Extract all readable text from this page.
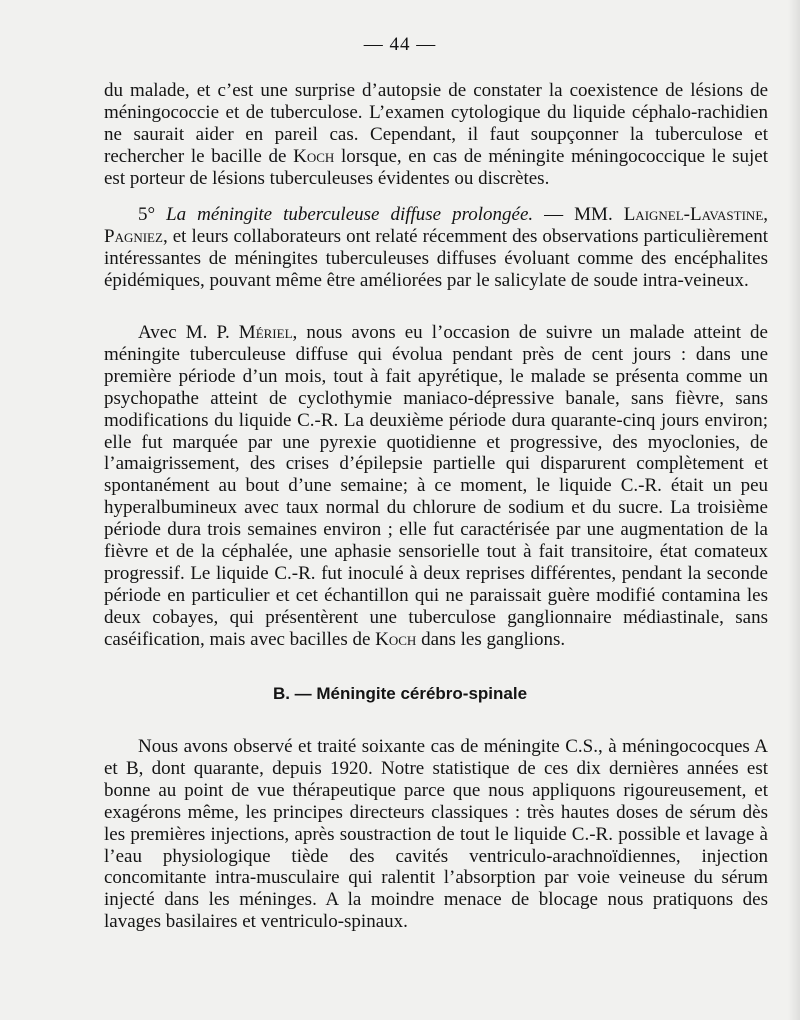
— 44 —

du malade, et c’est une surprise d’autopsie de constater la coexistence de lésions de méningococcie et de tuberculose. L’examen cytologique du liquide céphalo-rachidien ne saurait aider en pareil cas. Cependant, il faut soupçonner la tuberculose et rechercher le bacille de Koch lorsque, en cas de méningite méningococcique le sujet est porteur de lésions tuberculeuses évidentes ou discrètes.

5° La méningite tuberculeuse diffuse prolongée. — MM. Laignel-Lavastine, Pagniez, et leurs collaborateurs ont relaté récemment des observations particulièrement intéressantes de méningites tuberculeuses diffuses évoluant comme des encéphalites épidémiques, pouvant même être améliorées par le salicylate de soude intra-veineux.

Avec M. P. Mériel, nous avons eu l’occasion de suivre un malade atteint de méningite tuberculeuse diffuse qui évolua pendant près de cent jours : dans une première période d’un mois, tout à fait apyrétique, le malade se présenta comme un psychopathe atteint de cyclothymie maniaco-dépressive banale, sans fièvre, sans modifications du liquide C.-R. La deuxième période dura quarante-cinq jours environ; elle fut marquée par une pyrexie quotidienne et progressive, des myoclonies, de l’amaigrissement, des crises d’épilepsie partielle qui disparurent complètement et spontanément au bout d’une semaine; à ce moment, le liquide C.-R. était un peu hyperalbumineux avec taux normal du chlorure de sodium et du sucre. La troisième période dura trois semaines environ ; elle fut caractérisée par une augmentation de la fièvre et de la céphalée, une aphasie sensorielle tout à fait transitoire, état comateux progressif. Le liquide C.-R. fut inoculé à deux reprises différentes, pendant la seconde période en particulier et cet échantillon qui ne paraissait guère modifié contamina les deux cobayes, qui présentèrent une tuberculose ganglionnaire médiastinale, sans caséification, mais avec bacilles de Koch dans les ganglions.

B. — Méningite cérébro-spinale

Nous avons observé et traité soixante cas de méningite C.S., à méningococques A et B, dont quarante, depuis 1920. Notre statistique de ces dix dernières années est bonne au point de vue thérapeutique parce que nous appliquons rigoureusement, et exagérons même, les principes directeurs classiques : très hautes doses de sérum dès les premières injections, après soustraction de tout le liquide C.-R. possible et lavage à l’eau physiologique tiède des cavités ventriculo-arachnoïdiennes, injection concomitante intra-musculaire qui ralentit l’absorption par voie veineuse du sérum injecté dans les méninges. A la moindre menace de blocage nous pratiquons des lavages basilaires et ventriculo-spinaux.
